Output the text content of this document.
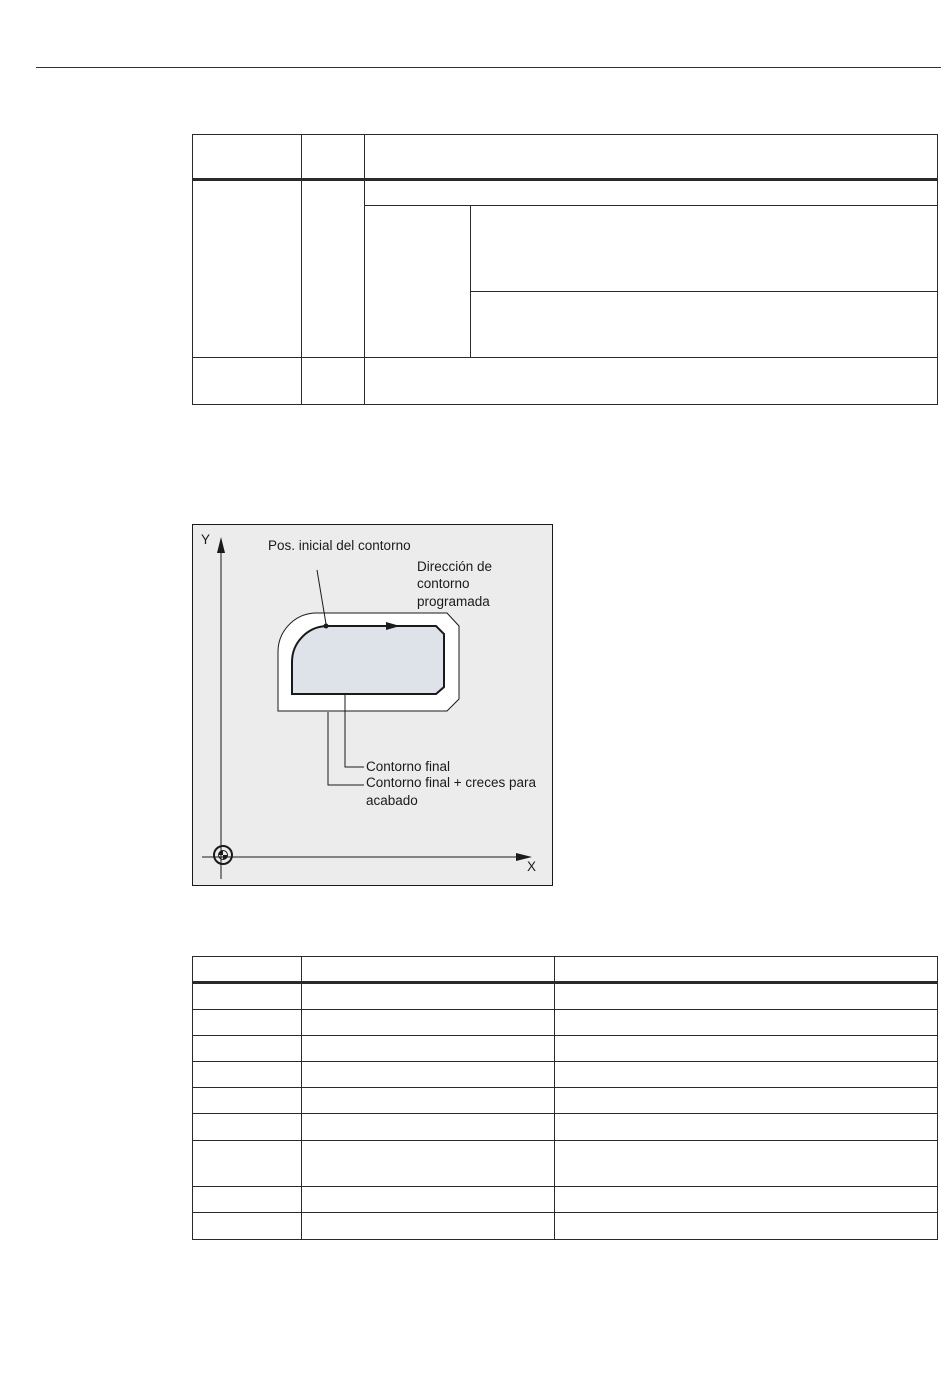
Y
X
Pos. inicial del contorno
Dirección de
contorno
programada
Contorno final
Contorno final + creces para
acabado
